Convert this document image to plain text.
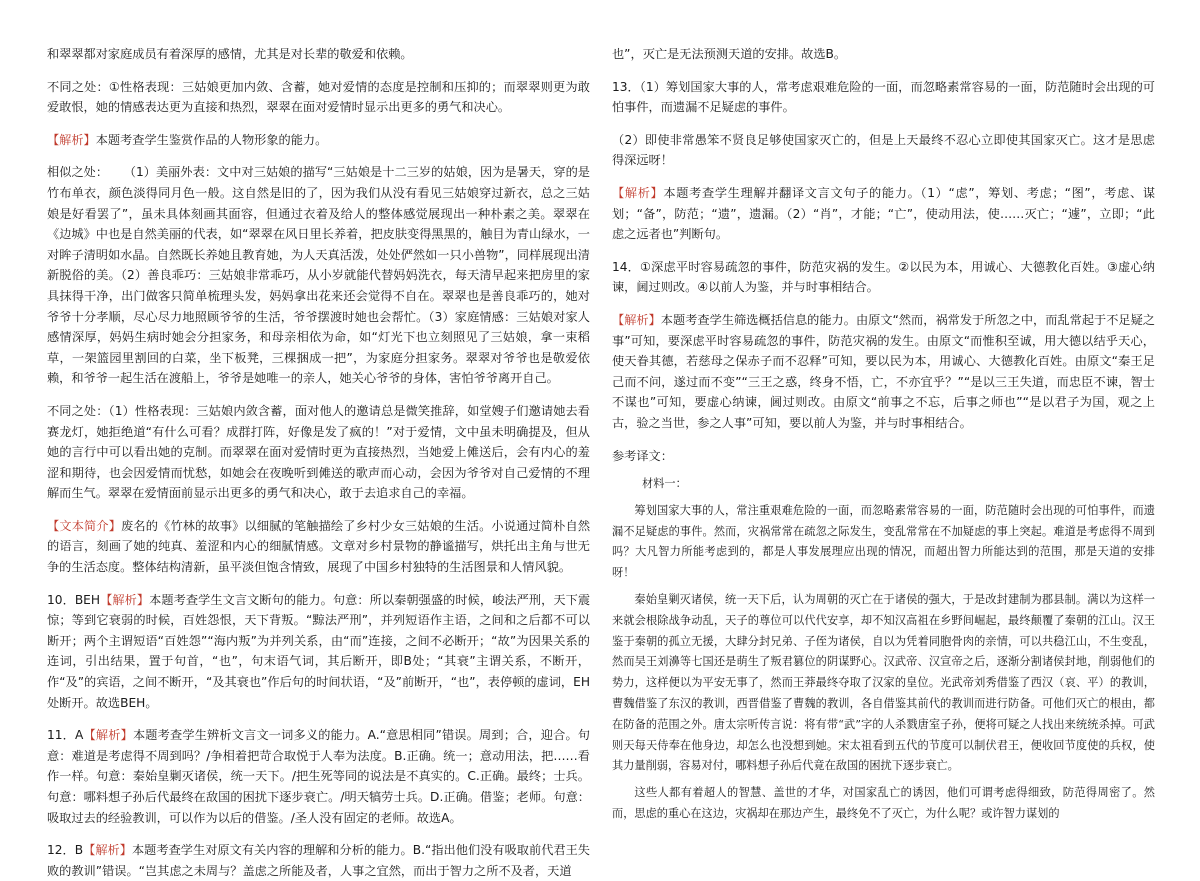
和翠翠都对家庭成员有着深厚的感情，尤其是对长辈的敬爱和依赖。

不同之处：①性格表现：三姑娘更加内敛、含蓄，她对爱情的态度是控制和压抑的；而翠翠则更为敢爱敢恨，她的情感表达更为直接和热烈，翠翠在面对爱情时显示出更多的勇气和决心。

【解析】本题考查学生鉴赏作品的人物形象的能力。

相似之处：    （1）美丽外表：文中对三姑娘的描写“三姑娘是十二三岁的姑娘，因为是暑天，穿的是竹布单衣，颜色淡得同月色一般。这自然是旧的了，因为我们从没有看见三姑娘穿过新衣，总之三姑娘是好看罢了”，虽未具体刻画其面容，但通过衣着及给人的整体感觉展现出一种朴素之美。翠翠在《边城》中也是自然美丽的代表，如“翠翠在风日里长养着，把皮肤变得黑黑的，触目为青山绿水，一对眸子清明如水晶。自然既长养她且教育她，为人天真活泼，处处俨然如一只小兽物”，同样展现出清新脱俗的美。（2）善良乖巧：三姑娘非常乖巧，从小岁就能代替妈妈洗衣，每天清早起来把房里的家具抹得干净，出门做客只简单梳理头发，妈妈拿出花来还会觉得不自在。翠翠也是善良乖巧的，她对爷爷十分孝顺，尽心尽力地照顾爷爷的生活，爷爷摆渡时她也会帮忙。（3）家庭情感：三姑娘对家人感情深厚，妈妈生病时她会分担家务，和母亲相依为命，如“灯光下也立刻照见了三姑娘，拿一束稻草，一架篮园里割回的白菜，坐下板凳，三棵捆成一把”，为家庭分担家务。翠翠对爷爷也是敬爱依赖，和爷爷一起生活在渡船上，爷爷是她唯一的亲人，她关心爷爷的身体，害怕爷爷离开自己。

不同之处：（1）性格表现：三姑娘内敛含蓄，面对他人的邀请总是微笑推辞，如堂嫂子们邀请她去看赛龙灯，她拒绝道“有什么可看？成群打阵，好像是发了疯的！”对于爱情，文中虽未明确提及，但从她的言行中可以看出她的克制。而翠翠在面对爱情时更为直接热烈，当她爱上傩送后，会有内心的羞涩和期待，也会因爱情而忧愁，如她会在夜晚听到傩送的歌声而心动，会因为爷爷对自己爱情的不理解而生气。翠翠在爱情面前显示出更多的勇气和决心，敢于去追求自己的幸福。

【文本简介】废名的《竹林的故事》以细腻的笔触描绘了乡村少女三姑娘的生活。小说通过简朴自然的语言，刻画了她的纯真、羞涩和内心的细腻情感。文章对乡村景物的静谧描写，烘托出主角与世无争的生活态度。整体结构清新，虽平淡但饱含情致，展现了中国乡村独特的生活图景和人情风貌。

10．BEH【解析】本题考查学生文言文断句的能力。句意：所以秦朝强盛的时候，峻法严刑，天下震惊；等到它衰弱的时候，百姓怨恨，天下背叛。“黥法严刑”，并列短语作主语，之间和之后都不可以断开；两个主谓短语“百姓怨”“海内叛”为并列关系，由“而”连接，之间不必断开；“故”为因果关系的连词，引出结果，置于句首，“也”，句末语气词，其后断开，即B处；“其衰”主谓关系，不断开，作“及”的宾语，之间不断开，“及其衰也”作后句的时间状语，“及”前断开，“也”，表停顿的虚词，EH处断开。故选BEH。

11．A【解析】本题考查学生辨析文言文一词多义的能力。A.“意思相同”错误。周到；合，迎合。句意：难道是考虑得不周到吗？/争相着把苛合取悦于人奉为法度。B.正确。统一；意动用法，把……看作一样。句意：秦始皇剿灭诸侯，统一天下。/把生死等同的说法是不真实的。C.正确。最终；士兵。句意：哪料想子孙后代最终在敌国的困扰下逐步衰亡。/明天犒劳士兵。D.正确。借鉴；老师。句意：吸取过去的经验教训，可以作为以后的借鉴。/圣人没有固定的老师。故选A。

12．B【解析】本题考查学生对原文有关内容的理解和分析的能力。B.“指出他们没有吸取前代君王失败的教训”错误。“岂其虑之未周与？盖虑之所能及者，人事之宜然，而出于智力之所不及者，天道

也”，灭亡是无法预测天道的安排。故选B。

13．（1）筹划国家大事的人，常考虑艰难危险的一面，而忽略素常容易的一面，防范随时会出现的可怕事件，而遗漏不足疑虑的事件。

（2）即使非常愚笨不贤良足够使国家灭亡的，但是上天最终不忍心立即使其国家灭亡。这才是思虑得深远呀！

【解析】本题考查学生理解并翻译文言文句子的能力。（1）“虑”，筹划、考虑；“图”，考虑、谋划；“备”，防范；“遗”，遗漏。（2）“肖”，才能；“亡”，使动用法，使……灭亡；“遽”，立即；“此虑之远者也”判断句。

14．①深虑平时容易疏忽的事件，防范灾祸的发生。②以民为本，用诚心、大德教化百姓。③虚心纳谏，阃过则改。④以前人为鉴，并与时事相结合。

【解析】本题考查学生筛选概括信息的能力。由原文“然而，祸常发于所忽之中，而乱常起于不足疑之事”可知，要深虑平时容易疏忽的事件，防范灾祸的发生。由原文“而惟积至诚，用大德以结乎天心，使天眷其德，若慈母之保赤子而不忍释”可知，要以民为本，用诚心、大德教化百姓。由原文“秦王足己而不问，遂过而不变”“三王之惑，终身不悟，亡，不亦宜乎？”“是以三王失道，而忠臣不谏，智士不谋也”可知，要虚心纳谏，阃过则改。由原文“前事之不忘，后事之师也”“是以君子为国，观之上古，验之当世，参之人事”可知，要以前人为鉴，并与时事相结合。

参考译文：

材料一：

筹划国家大事的人，常注重艰难危险的一面，而忽略素常容易的一面，防范随时会出现的可怕事件，而遗漏不足疑虑的事件。然而，灾祸常常在疏忽之际发生，变乱常常在不加疑虑的事上突起。难道是考虑得不周到吗？大凡智力所能考虑到的，都是人事发展理应出现的情况，而超出智力所能达到的范围，那是天道的安排呀！

秦始皇剿灭诸侯，统一天下后，认为周朝的灭亡在于诸侯的强大，于是改封建制为郡县制。满以为这样一来就会根除战争动乱，天子的尊位可以代代安享，却不知汉高祖在乡野间崛起，最终颠覆了秦朝的江山。汉王鉴于秦朝的孤立无援，大肆分封兄弟、子侄为诸侯，自以为凭着同胞骨肉的亲情，可以共稳江山，不生变乱，然而吴王刘濞等七国还是萌生了叛君篡位的阴谋野心。汉武帝、汉宣帝之后，逐渐分割诸侯封地，削弱他们的势力，这样便以为平安无事了，然而王莽最终夺取了汉家的皇位。光武帝刘秀借鉴了西汉（哀、平）的教训，曹魏借鉴了东汉的教训，西晋借鉴了曹魏的教训，各自借鉴其前代的教训而进行防备。可他们灭亡的根由，都在防备的范围之外。唐太宗听传言说：将有带“武”字的人杀戮唐室子孙，便将可疑之人找出来统统杀掉。可武则天每天侍奉在他身边，却怎么也没想到她。宋太祖看到五代的节度可以制伏君王，便收回节度使的兵权，使其力量削弱，容易对付，哪料想子孙后代竟在敌国的困扰下逐步衰亡。

这些人都有着超人的智慧、盖世的才华，对国家乱亡的诱因，他们可谓考虑得细致，防范得周密了。然而，思虑的重心在这边，灾祸却在那边产生，最终免不了灭亡，为什么呢？或许智力谋划的
